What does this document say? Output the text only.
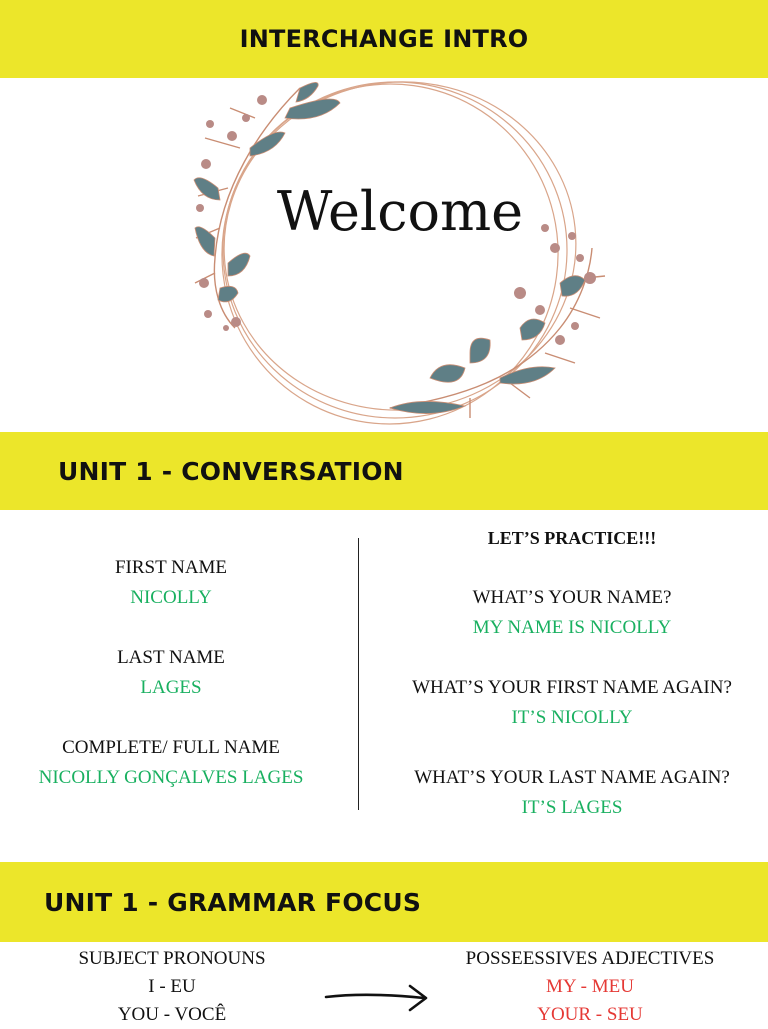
INTERCHANGE INTRO
Welcome
UNIT 1 - CONVERSATION
FIRST NAME
NICOLLY
LAST NAME
LAGES
COMPLETE/ FULL NAME
NICOLLY GONÇALVES LAGES
LET’S PRACTICE!!!
WHAT’S YOUR NAME?
MY NAME IS NICOLLY
WHAT’S YOUR FIRST NAME AGAIN?
IT’S NICOLLY
WHAT’S YOUR LAST NAME AGAIN?
IT’S LAGES
UNIT 1 - GRAMMAR FOCUS
SUBJECT PRONOUNS
I - EU
YOU - VOCÊ
POSSEESSIVES ADJECTIVES
MY - MEU
YOUR - SEU
